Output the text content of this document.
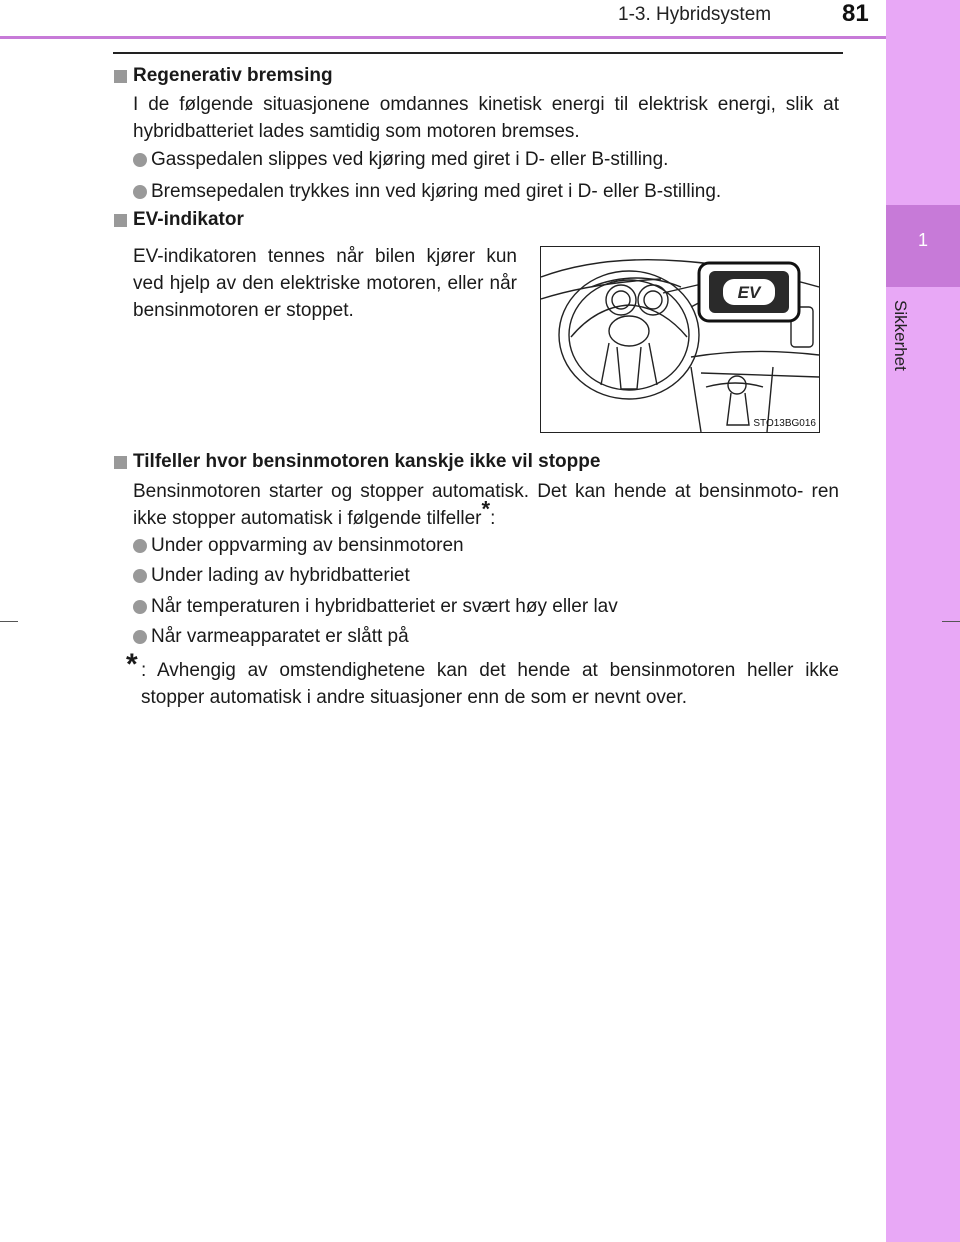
1-3. Hybridsystem	81
1
Sikkerhet
Regenerativ bremsing
I de følgende situasjonene omdannes kinetisk energi til elektrisk energi, slik at hybridbatteriet lades samtidig som motoren bremses.
Gasspedalen slippes ved kjøring med giret i D- eller B-stilling.
Bremsepedalen trykkes inn ved kjøring med giret i D- eller B-stilling.
EV-indikator
EV-indikatoren tennes når bilen kjører kun ved hjelp av den elektriske motoren, eller når bensinmotoren er stoppet.
EV
STO13BG016
Tilfeller hvor bensinmotoren kanskje ikke vil stoppe
Bensinmotoren starter og stopper automatisk. Det kan hende at bensinmoto- ren ikke stopper automatisk i følgende tilfeller*:
Under oppvarming av bensinmotoren
Under lading av hybridbatteriet
Når temperaturen i hybridbatteriet er svært høy eller lav
Når varmeapparatet er slått på
* : Avhengig av omstendighetene kan det hende at bensinmotoren heller ikke stopper automatisk i andre situasjoner enn de som er nevnt over.
